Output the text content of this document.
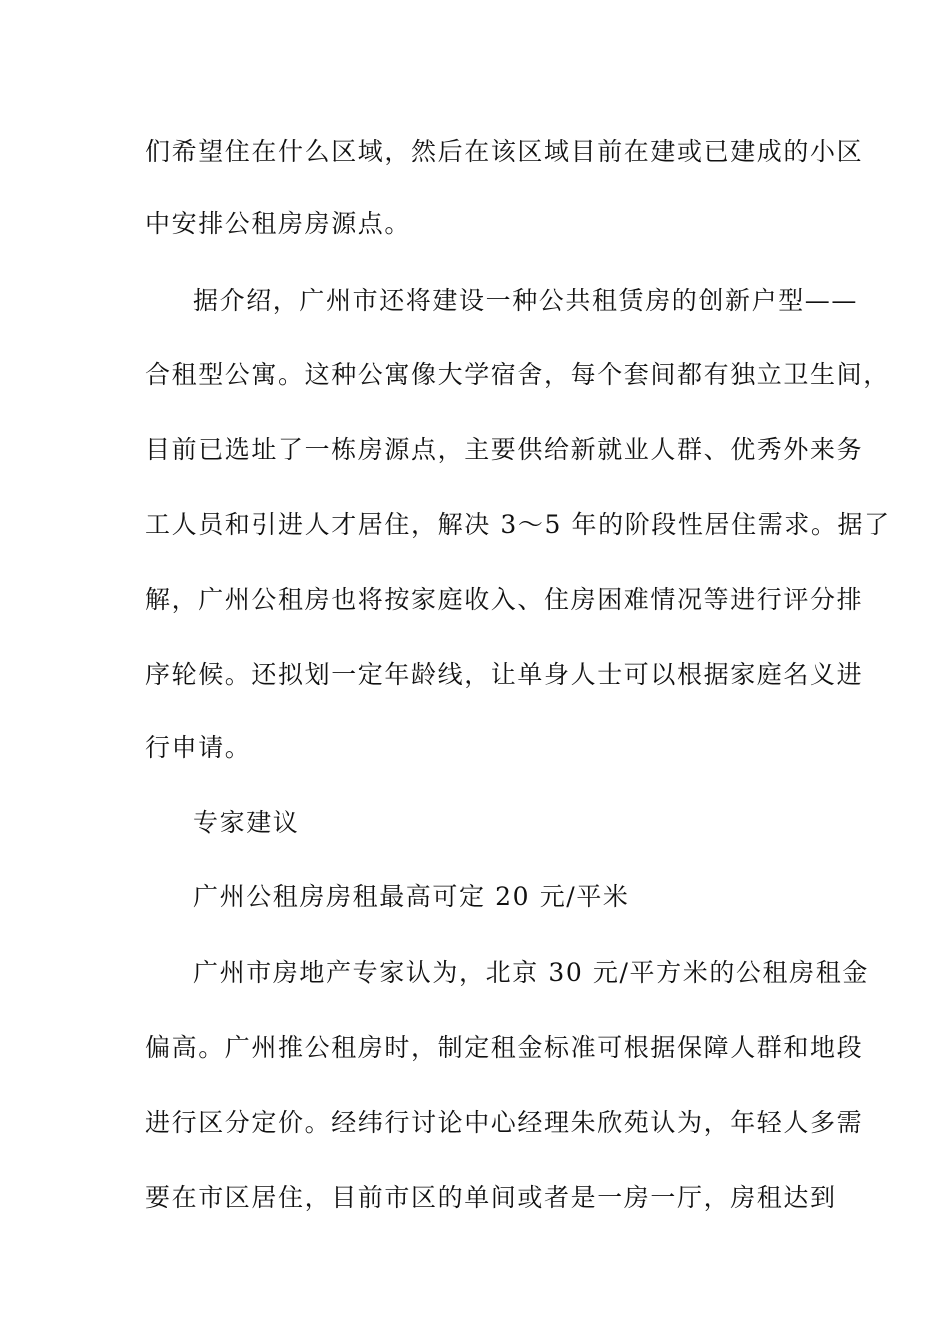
们希望住在什么区域，然后在该区域目前在建或已建成的小区
中安排公租房房源点。
据介绍，广州市还将建设一种公共租赁房的创新户型——
合租型公寓。这种公寓像大学宿舍，每个套间都有独立卫生间，
目前已选址了一栋房源点，主要供给新就业人群、优秀外来务
工人员和引进人才居住，解决 3～5 年的阶段性居住需求。据了
解，广州公租房也将按家庭收入、住房困难情况等进行评分排
序轮候。还拟划一定年龄线，让单身人士可以根据家庭名义进
行申请。
专家建议
广州公租房房租最高可定 20 元/平米
广州市房地产专家认为，北京 30 元/平方米的公租房租金
偏高。广州推公租房时，制定租金标准可根据保障人群和地段
进行区分定价。经纬行讨论中心经理朱欣苑认为，年轻人多需
要在市区居住，目前市区的单间或者是一房一厅，房租达到
